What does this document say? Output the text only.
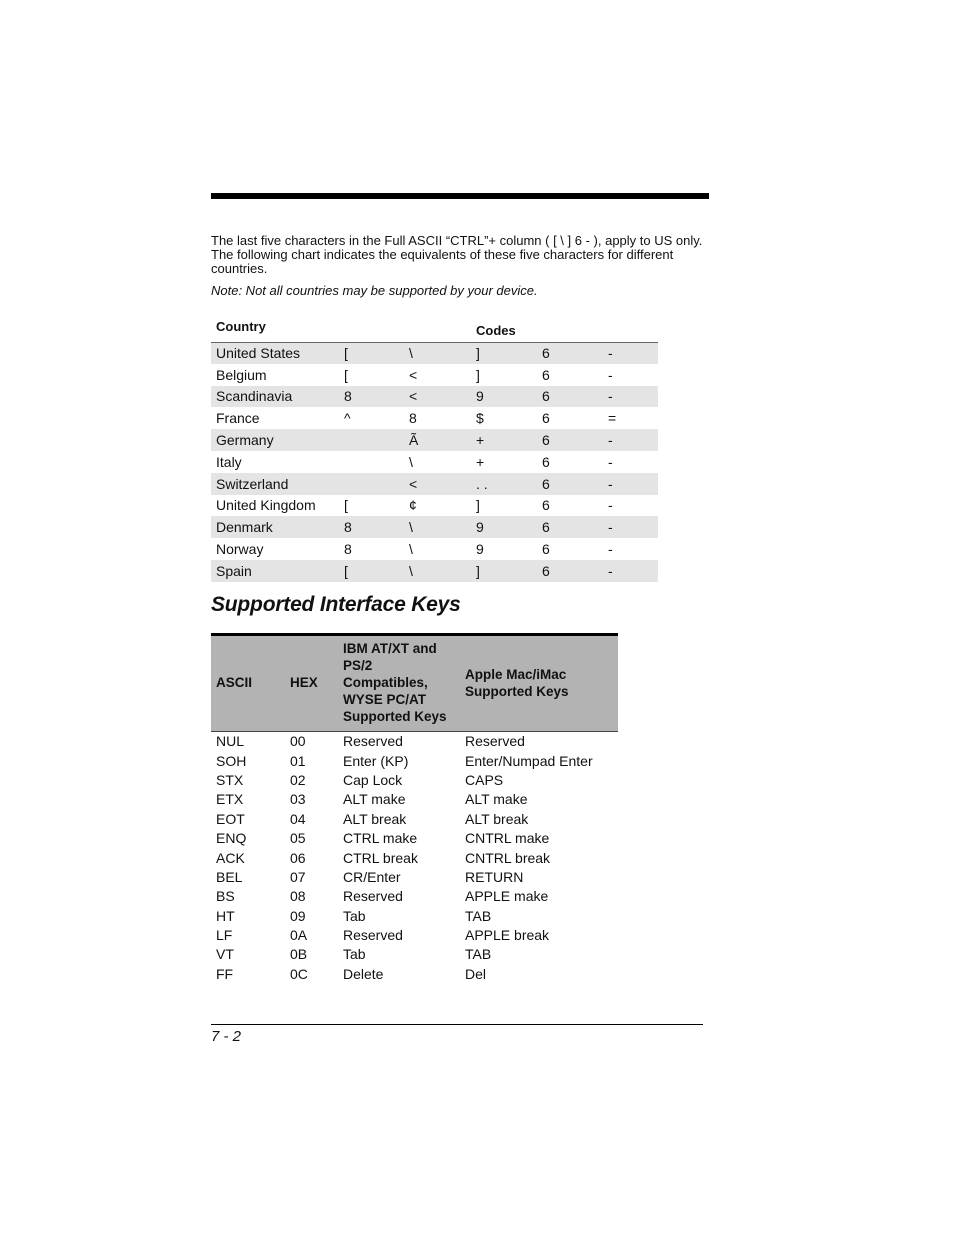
The last five characters in the Full ASCII “CTRL”+ column ( [ \ ] 6 - ), apply to US only. The following chart indicates the equivalents of these five characters for different countries.

Note: Not all countries may be supported by your device.

Country			Codes		
United States	[	\	]	6	-
Belgium	[	<	]	6	-
Scandinavia	8	<	9	6	-
France	^	8	$	6	=
Germany		Ã	+	6	-
Italy		\	+	6	-
Switzerland		<	. .	6	-
United Kingdom	[	¢	]	6	-
Denmark	8	\	9	6	-
Norway	8	\	9	6	-
Spain	[	\	]	6	-
Supported Interface Keys
ASCII	HEX	IBM AT/XT and PS/2 Compatibles, WYSE PC/AT Supported Keys	Apple Mac/iMac Supported Keys
NUL	00	Reserved	Reserved
SOH	01	Enter (KP)	Enter/Numpad Enter
STX	02	Cap Lock	CAPS
ETX	03	ALT make	ALT make
EOT	04	ALT break	ALT break
ENQ	05	CTRL make	CNTRL make
ACK	06	CTRL break	CNTRL break
BEL	07	CR/Enter	RETURN
BS	08	Reserved	APPLE make
HT	09	Tab	TAB
LF	0A	Reserved	APPLE break
VT	0B	Tab	TAB
FF	0C	Delete	Del

7 - 2
